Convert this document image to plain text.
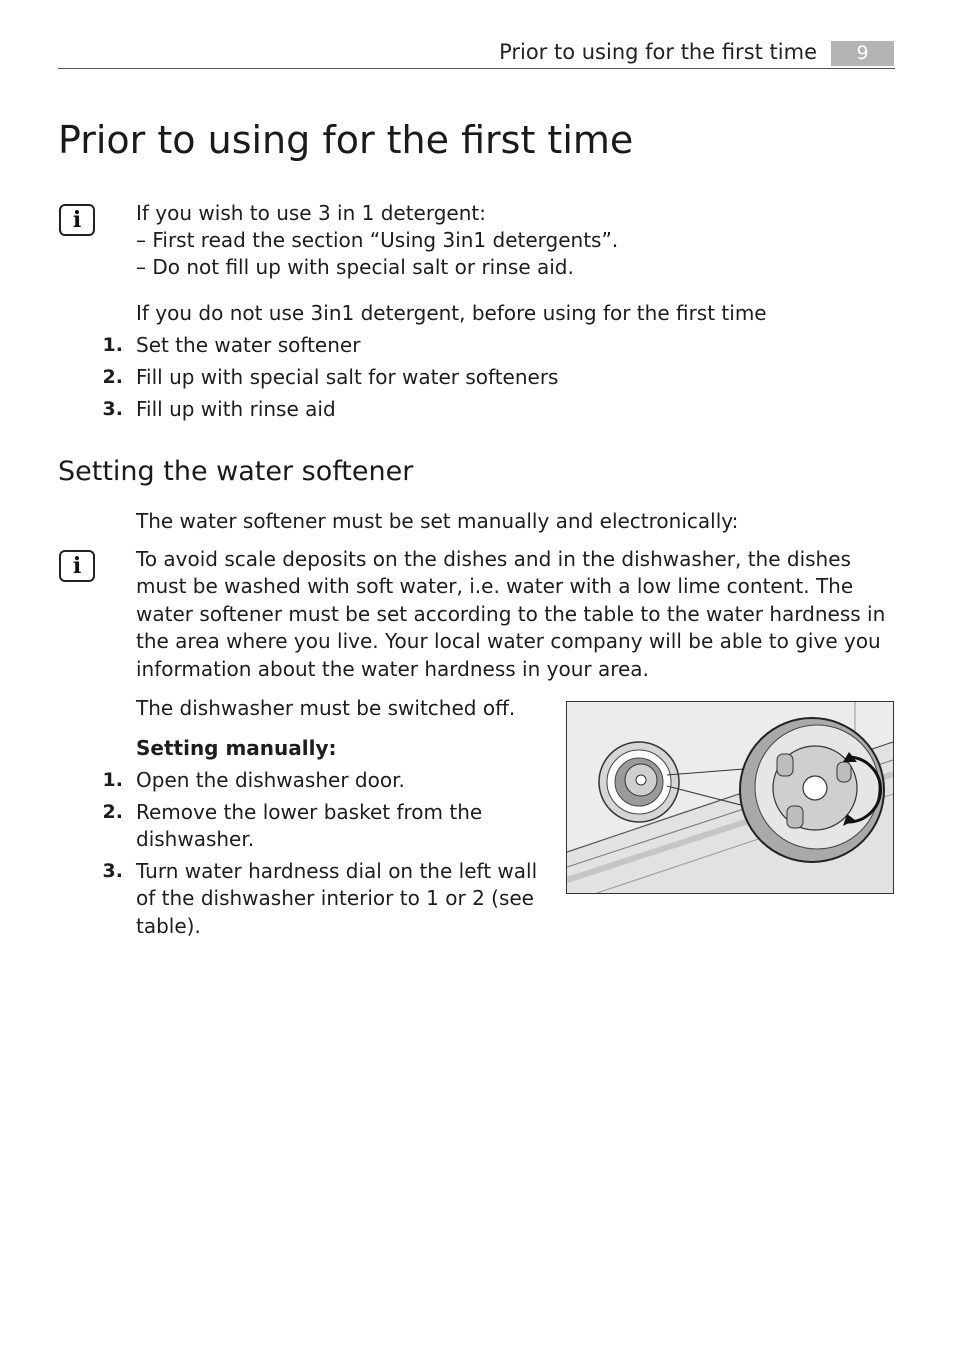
Prior to using for the first time	9
Prior to using for the first time
i	If you wish to use 3 in 1 detergent:
– First read the section “Using 3in1 detergents”.
– Do not fill up with special salt or rinse aid.
If you do not use 3in1 detergent, before using for the first time
1. Set the water softener
2. Fill up with special salt for water softeners
3. Fill up with rinse aid
Setting the water softener
The water softener must be set manually and electronically:
i	To avoid scale deposits on the dishes and in the dishwasher, the dishes must be washed with soft water, i.e. water with a low lime content. The water softener must be set according to the table to the water hardness in the area where you live. Your local water company will be able to give you information about the water hardness in your area.
The dishwasher must be switched off.
Setting manually:
1. Open the dishwasher door.
2. Remove the lower basket from the dishwasher.
3. Turn water hardness dial on the left wall of the dishwasher interior to 1 or 2 (see table).
